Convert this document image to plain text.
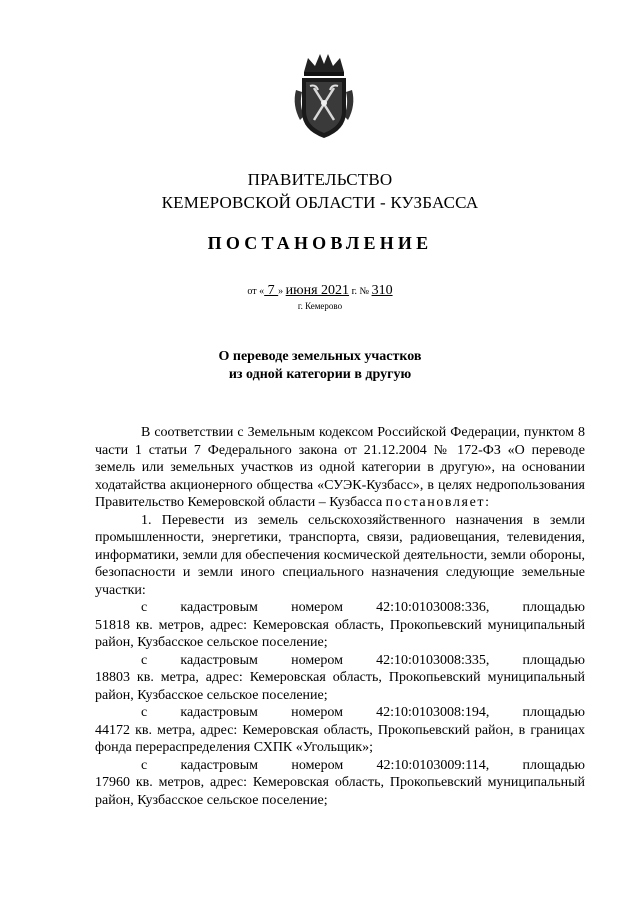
ПРАВИТЕЛЬСТВО
КЕМЕРОВСКОЙ ОБЛАСТИ - КУЗБАССА
ПОСТАНОВЛЕНИЕ
от « 7 » июня 2021 г. № 310
г. Кемерово
О переводе земельных участков
из одной категории в другую

В соответствии с Земельным кодексом Российской Федерации, пунктом 8 части 1 статьи 7 Федерального закона от 21.12.2004 № 172-ФЗ «О переводе земель или земельных участков из одной категории в другую», на основании ходатайства акционерного общества «СУЭК-Кузбасс», в целях недропользования Правительство Кемеровской области – Кузбасса постановляет:

1. Перевести из земель сельскохозяйственного назначения в земли промышленности, энергетики, транспорта, связи, радиовещания, телевидения, информатики, земли для обеспечения космической деятельности, земли обороны, безопасности и земли иного специального назначения следующие земельные участки:

с кадастровым номером 42:10:0103008:336, площадью

51818 кв. метров, адрес: Кемеровская область, Прокопьевский муниципальный район, Кузбасское сельское поселение;

с кадастровым номером 42:10:0103008:335, площадью

18803 кв. метра, адрес: Кемеровская область, Прокопьевский муниципальный район, Кузбасское сельское поселение;

с кадастровым номером 42:10:0103008:194, площадью

44172 кв. метра, адрес: Кемеровская область, Прокопьевский район, в границах фонда перераспределения СХПК «Угольщик»;

с кадастровым номером 42:10:0103009:114, площадью

17960 кв. метров, адрес: Кемеровская область, Прокопьевский муниципальный район, Кузбасское сельское поселение;
